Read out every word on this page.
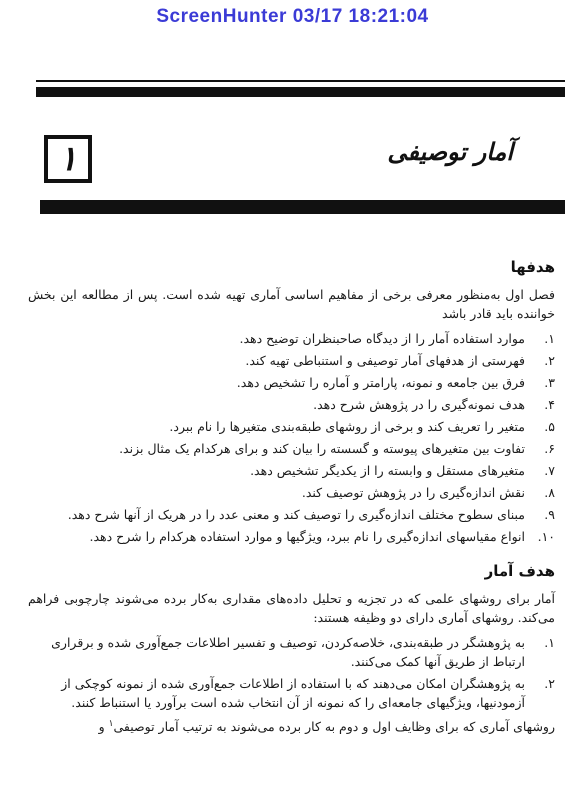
ScreenHunter 03/17 18:21:04
۱	آمار توصیفی
هدفها

فصل اول به‌منظور معرفی برخی از مفاهیم اساسی آماری تهیه شده است. پس از مطالعه این بخش خواننده باید قادر باشد

۱.
موارد استفاده آمار را از دیدگاه صاحبنظران توضیح دهد.
۲.
فهرستی از هدفهای آمار توصیفی و استنباطی تهیه کند.
۳.
فرق بین جامعه و نمونه، پارامتر و آماره را تشخیص دهد.
۴.
هدف نمونه‌گیری را در پژوهش شرح دهد.
۵.
متغیر را تعریف کند و برخی از روشهای طبقه‌بندی متغیرها را نام ببرد.
۶.
تفاوت بین متغیرهای پیوسته و گسسته را بیان کند و برای هرکدام یک مثال بزند.
۷.
متغیرهای مستقل و وابسته را از یکدیگر تشخیص دهد.
۸.
نقش اندازه‌گیری را در پژوهش توصیف کند.
۹.
مبنای سطوح مختلف اندازه‌گیری را توصیف کند و معنی عدد را در هریک از آنها شرح دهد.
۱۰.
انواع مقیاسهای اندازه‌گیری را نام ببرد، ویژگیها و موارد استفاده هرکدام را شرح دهد.
هدف آمار

آمار برای روشهای علمی که در تجزیه و تحلیل داده‌های مقداری به‌کار برده می‌شوند چارچوبی فراهم می‌کند. روشهای آماری دارای دو وظیفه هستند:

۱.
به پژوهشگر در طبقه‌بندی، خلاصه‌کردن، توصیف و تفسیر اطلاعات جمع‌آوری شده و برقراری ارتباط از طریق آنها کمک می‌کنند.
۲.
به پژوهشگران امکان می‌دهند که با استفاده از اطلاعات جمع‌آوری شده از نمونه کوچکی از آزمودنیها، ویژگیهای جامعه‌ای را که نمونه از آن انتخاب شده است برآورد یا استنباط کنند.

روشهای آماری که برای وظایف اول و دوم به کار برده می‌شوند به ترتیب آمار توصیفی$^۱$ و
